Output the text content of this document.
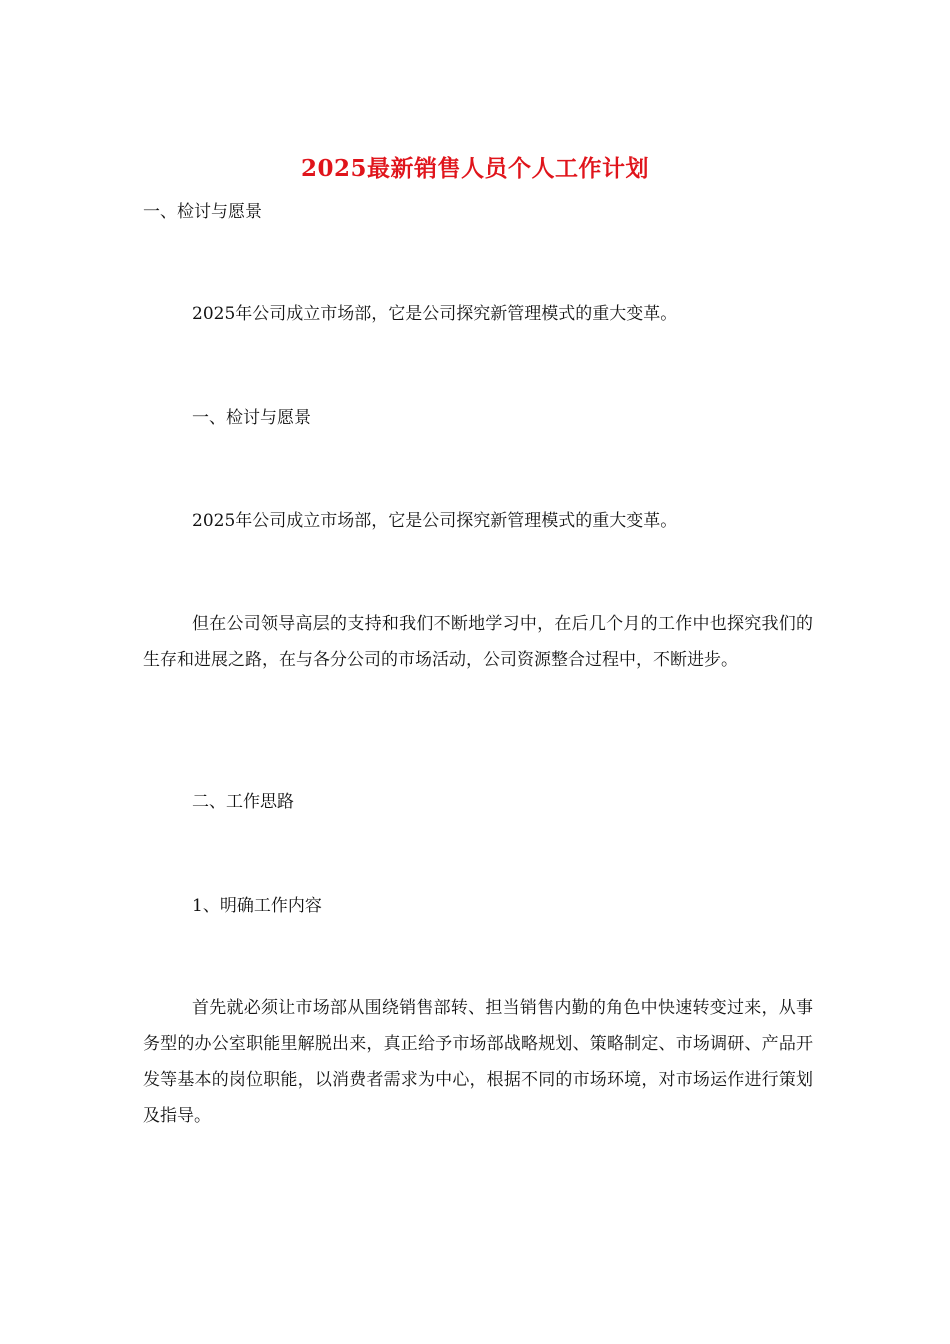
2025最新销售人员个人工作计划
一、检讨与愿景
2025年公司成立市场部，它是公司探究新管理模式的重大变革。
一、检讨与愿景
2025年公司成立市场部，它是公司探究新管理模式的重大变革。
但在公司领导高层的支持和我们不断地学习中，在后几个月的工作中也探究我们的生存和进展之路，在与各分公司的市场活动，公司资源整合过程中，不断进步。
二、工作思路
1、明确工作内容
首先就必须让市场部从围绕销售部转、担当销售内勤的角色中快速转变过来，从事务型的办公室职能里解脱出来，真正给予市场部战略规划、策略制定、市场调研、产品开发等基本的岗位职能，以消费者需求为中心，根据不同的市场环境，对市场运作进行策划及指导。
